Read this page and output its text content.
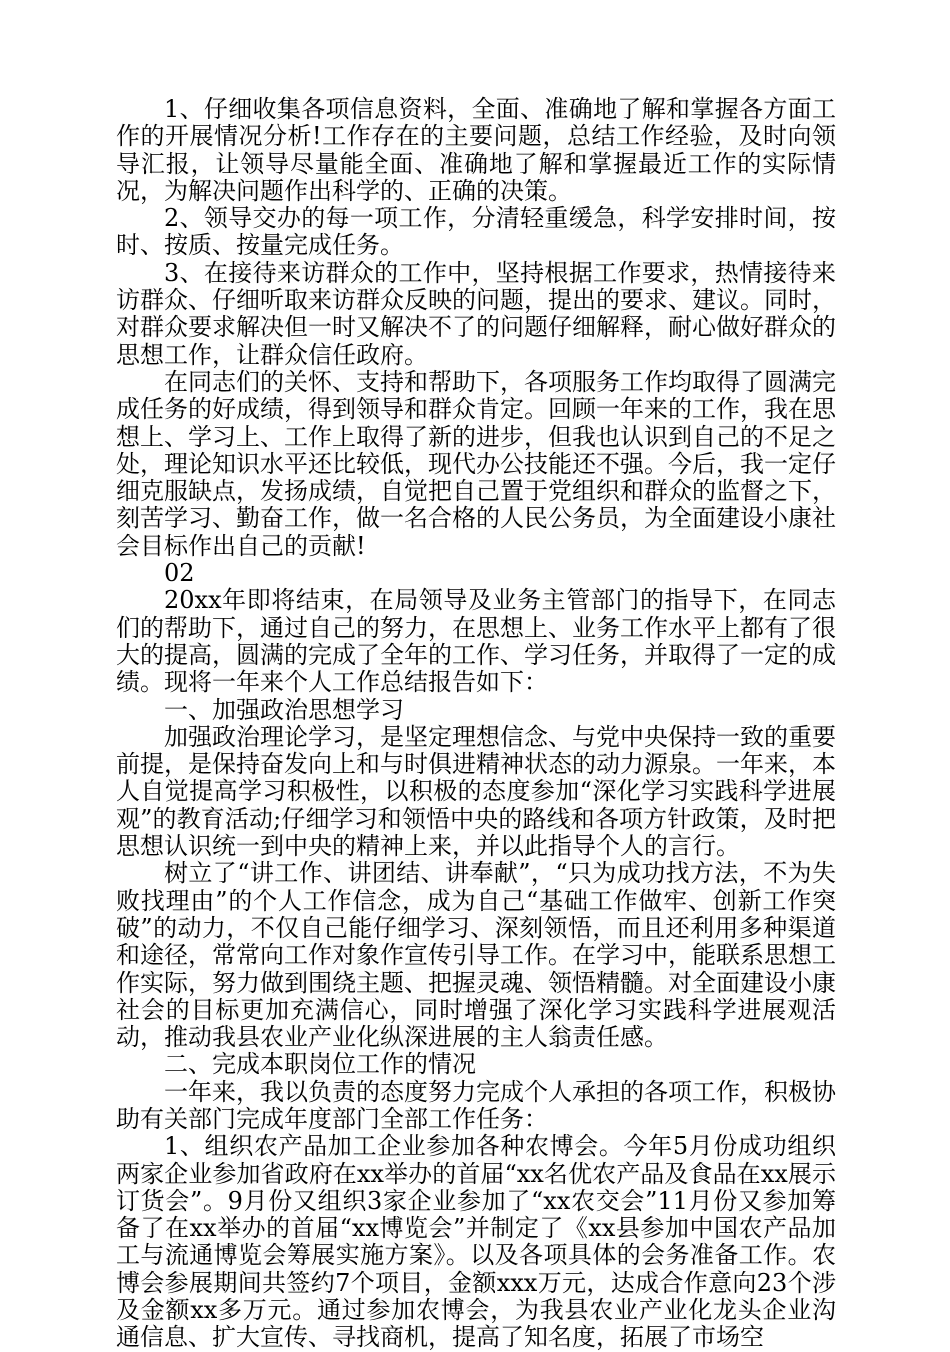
1、仔细收集各项信息资料，全面、准确地了解和掌握各方面工作的开展情况分析!工作存在的主要问题，总结工作经验，及时向领导汇报，让领导尽量能全面、准确地了解和掌握最近工作的实际情况，为解决问题作出科学的、正确的决策。

2、领导交办的每一项工作，分清轻重缓急，科学安排时间，按时、按质、按量完成任务。

3、在接待来访群众的工作中，坚持根据工作要求，热情接待来访群众、仔细听取来访群众反映的问题，提出的要求、建议。同时，对群众要求解决但一时又解决不了的问题仔细解释，耐心做好群众的思想工作，让群众信任政府。

在同志们的关怀、支持和帮助下，各项服务工作均取得了圆满完成任务的好成绩，得到领导和群众肯定。回顾一年来的工作，我在思想上、学习上、工作上取得了新的进步，但我也认识到自己的不足之处，理论知识水平还比较低，现代办公技能还不强。今后，我一定仔细克服缺点，发扬成绩，自觉把自己置于党组织和群众的监督之下，刻苦学习、勤奋工作，做一名合格的人民公务员，为全面建设小康社会目标作出自己的贡献!

02

20xx年即将结束，在局领导及业务主管部门的指导下，在同志们的帮助下，通过自己的努力，在思想上、业务工作水平上都有了很大的提高，圆满的完成了全年的工作、学习任务，并取得了一定的成绩。现将一年来个人工作总结报告如下：

一、加强政治思想学习

加强政治理论学习，是坚定理想信念、与党中央保持一致的重要前提，是保持奋发向上和与时俱进精神状态的动力源泉。一年来，本人自觉提高学习积极性，以积极的态度参加“深化学习实践科学进展观”的教育活动;仔细学习和领悟中央的路线和各项方针政策，及时把思想认识统一到中央的精神上来，并以此指导个人的言行。

树立了“讲工作、讲团结、讲奉献”，“只为成功找方法，不为失败找理由”的个人工作信念，成为自己“基础工作做牢、创新工作突破”的动力，不仅自己能仔细学习、深刻领悟，而且还利用多种渠道和途径，常常向工作对象作宣传引导工作。在学习中，能联系思想工作实际，努力做到围绕主题、把握灵魂、领悟精髓。对全面建设小康社会的目标更加充满信心，同时增强了深化学习实践科学进展观活动，推动我县农业产业化纵深进展的主人翁责任感。

二、完成本职岗位工作的情况

一年来，我以负责的态度努力完成个人承担的各项工作，积极协助有关部门完成年度部门全部工作任务：

1、组织农产品加工企业参加各种农博会。今年5月份成功组织两家企业参加省政府在xx举办的首届“xx名优农产品及食品在xx展示订货会”。9月份又组织3家企业参加了“xx农交会”11月份又参加筹备了在xx举办的首届“xx博览会”并制定了《xx县参加中国农产品加工与流通博览会筹展实施方案》。以及各项具体的会务准备工作。农博会参展期间共签约7个项目，金额xxx万元，达成合作意向23个涉及金额xx多万元。通过参加农博会，为我县农业产业化龙头企业沟通信息、扩大宣传、寻找商机，提高了知名度，拓展了市场空
